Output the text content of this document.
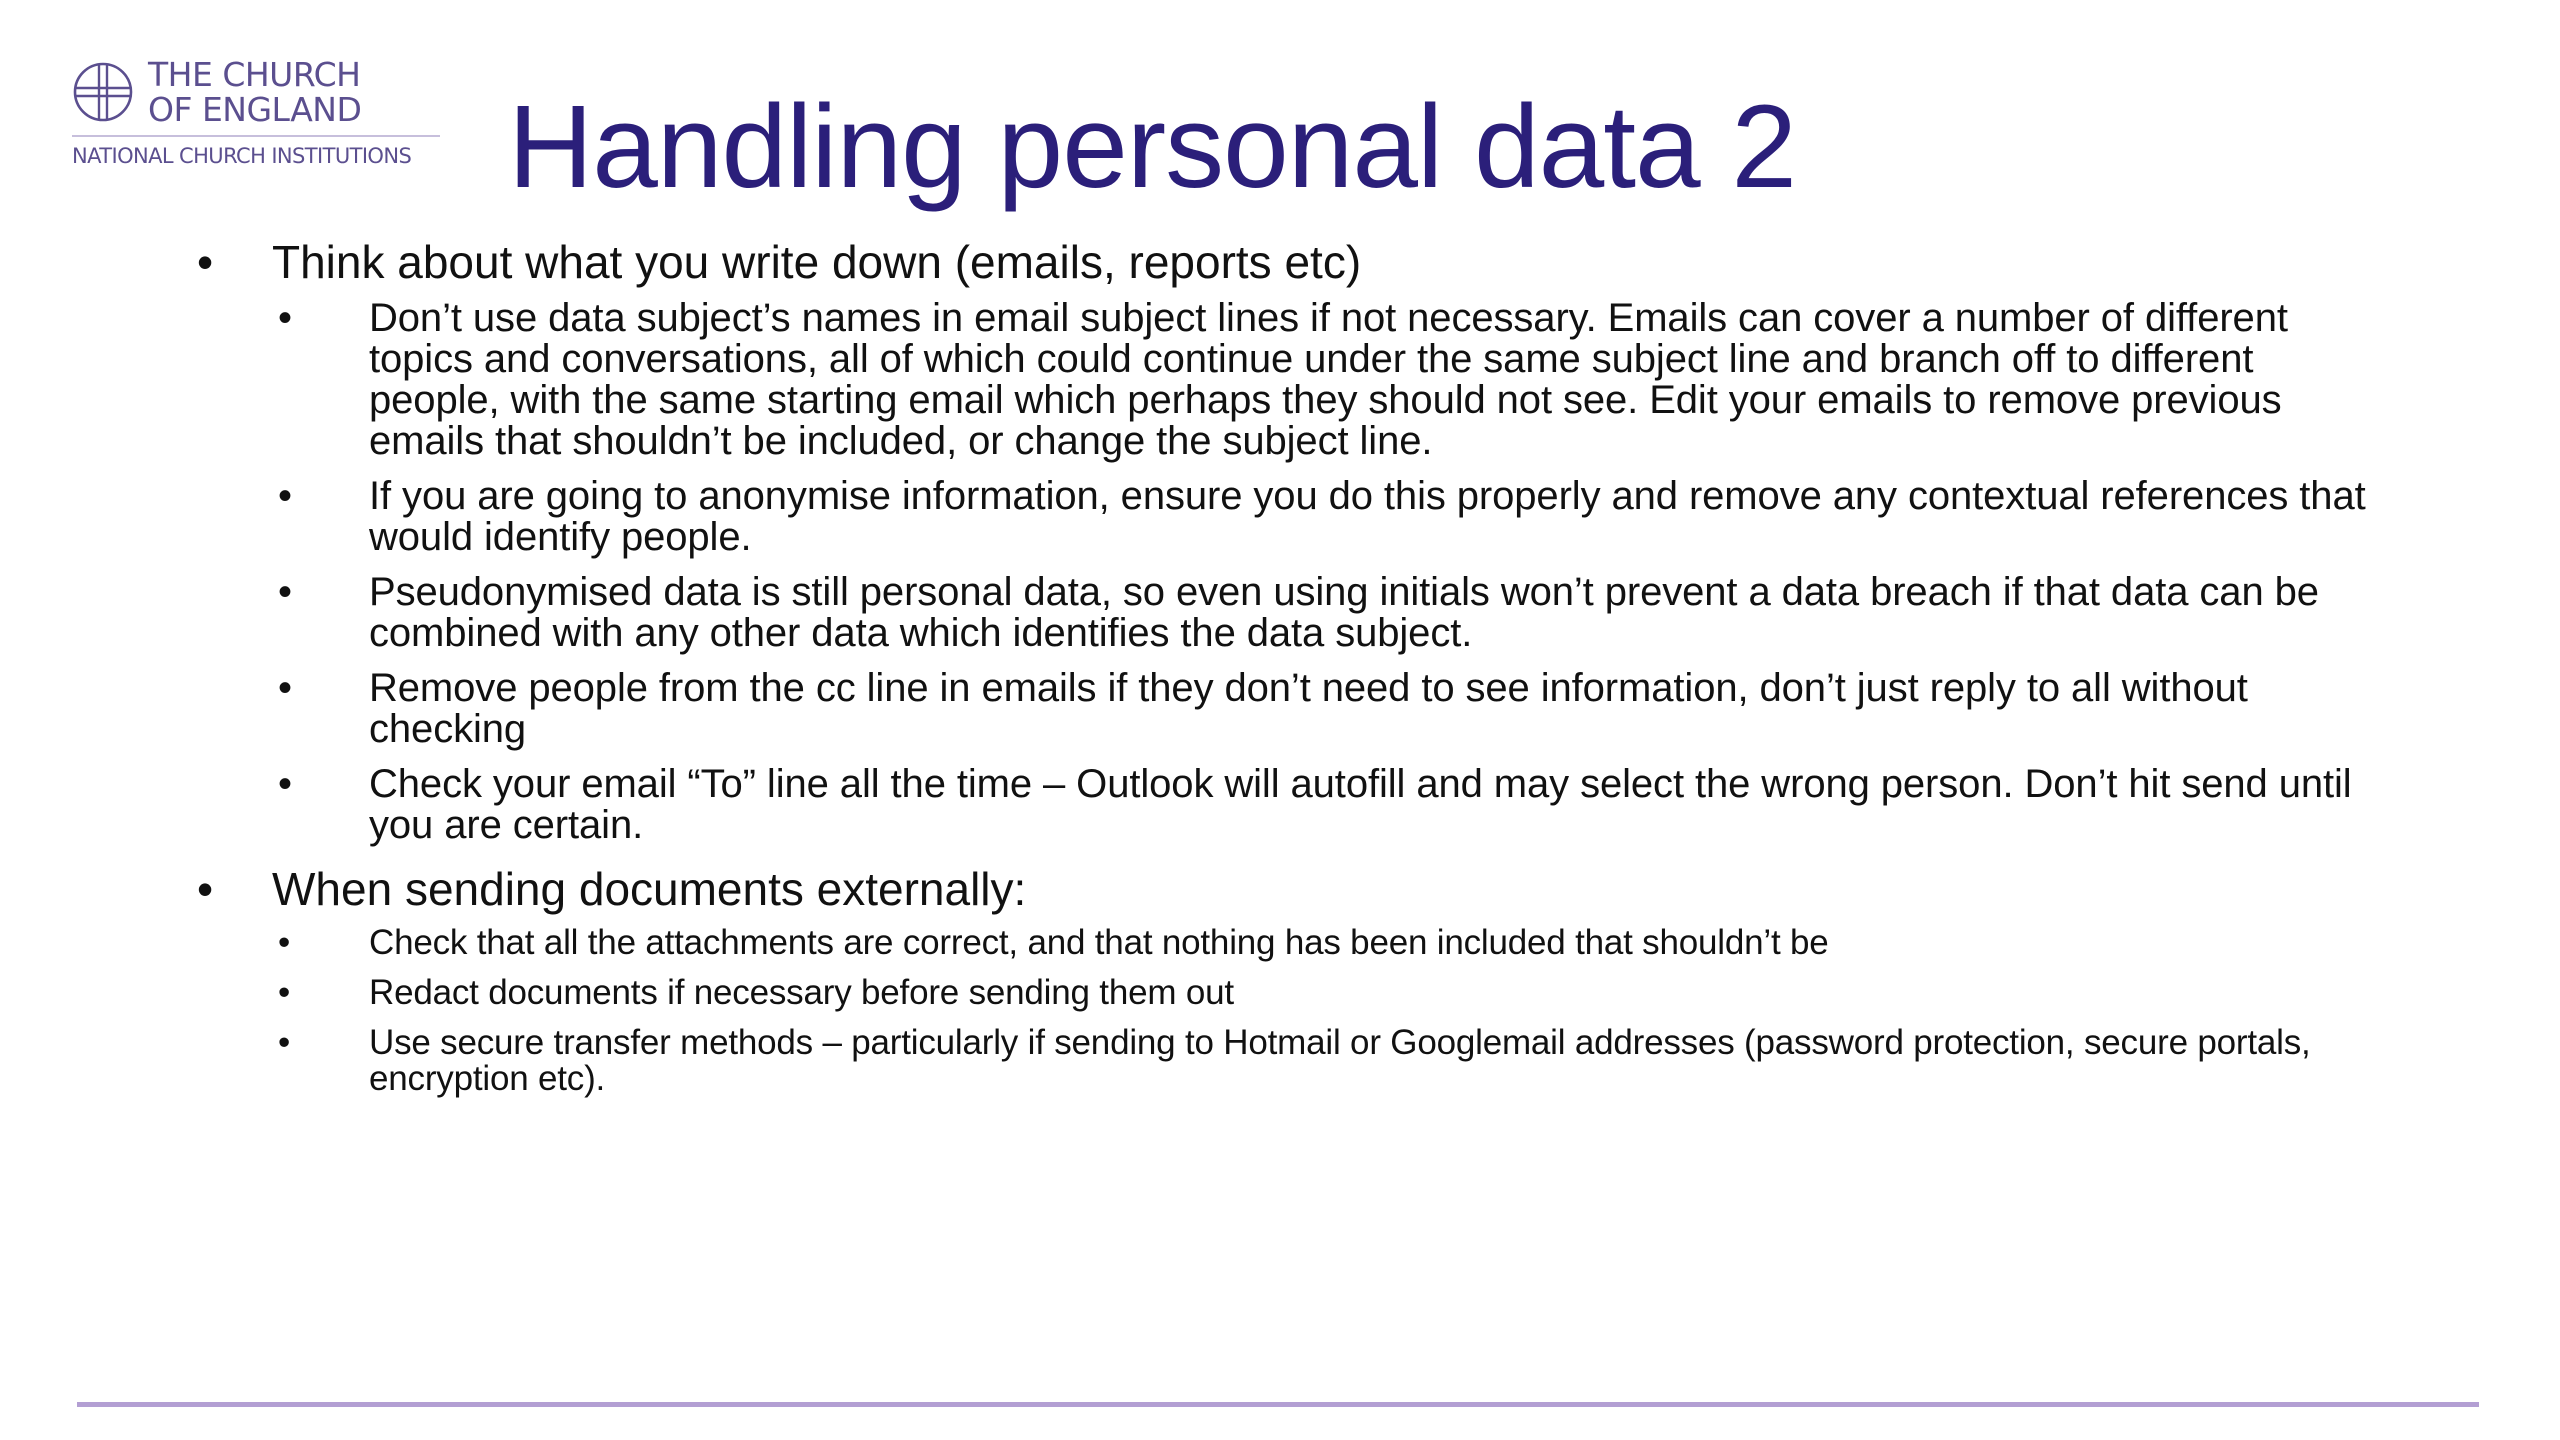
THE CHURCH
OF ENGLAND
NATIONAL CHURCH INSTITUTIONS Handling personal data 2
• Think about what you write down (emails, reports etc)
• Don’t use data subject’s names in email subject lines if not necessary. Emails can cover a number of different topics and conversations, all of which could continue under the same subject line and branch off to different people, with the same starting email which perhaps they should not see. Edit your emails to remove previous emails that shouldn’t be included, or change the subject line.
• If you are going to anonymise information, ensure you do this properly and remove any contextual references that would identify people.
• Pseudonymised data is still personal data, so even using initials won’t prevent a data breach if that data can be combined with any other data which identifies the data subject.
• Remove people from the cc line in emails if they don’t need to see information, don’t just reply to all without checking
• Check your email “To” line all the time – Outlook will autofill and may select the wrong person. Don’t hit send until you are certain.
• When sending documents externally:
• Check that all the attachments are correct, and that nothing has been included that shouldn’t be
• Redact documents if necessary before sending them out
• Use secure transfer methods – particularly if sending to Hotmail or Googlemail addresses (password protection, secure portals, encryption etc).
